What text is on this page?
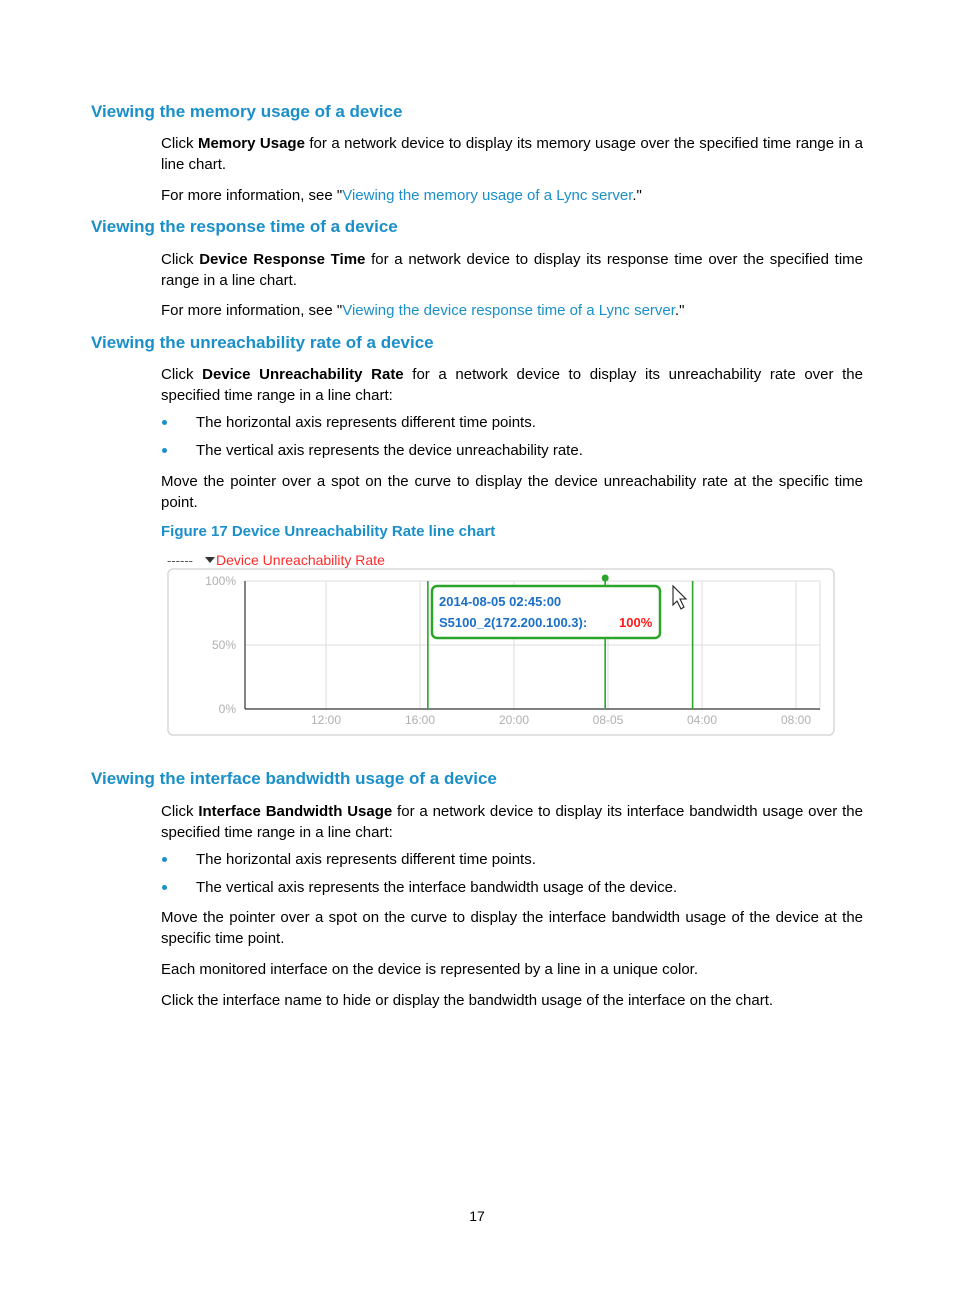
Viewing the memory usage of a device

Click Memory Usage for a network device to display its memory usage over the specified time range in a line chart.

For more information, see "Viewing the memory usage of a Lync server."

Viewing the response time of a device

Click Device Response Time for a network device to display its response time over the specified time range in a line chart.

For more information, see "Viewing the device response time of a Lync server."

Viewing the unreachability rate of a device

Click Device Unreachability Rate for a network device to display its unreachability rate over the specified time range in a line chart:

The horizontal axis represents different time points.
The vertical axis represents the device unreachability rate.

Move the pointer over a spot on the curve to display the device unreachability rate at the specific time point.

Figure 17 Device Unreachability Rate line chart

------ Device Unreachability Rate
100%
50%
0%
12:00	16:00	20:00	08-05	04:00	08:00
2014-08-05 02:45:00
S5100_2(172.200.100.3): 100%
Viewing the interface bandwidth usage of a device

Click Interface Bandwidth Usage for a network device to display its interface bandwidth usage over the specified time range in a line chart:

The horizontal axis represents different time points.
The vertical axis represents the interface bandwidth usage of the device.

Move the pointer over a spot on the curve to display the interface bandwidth usage of the device at the specific time point.

Each monitored interface on the device is represented by a line in a unique color.

Click the interface name to hide or display the bandwidth usage of the interface on the chart.

17
